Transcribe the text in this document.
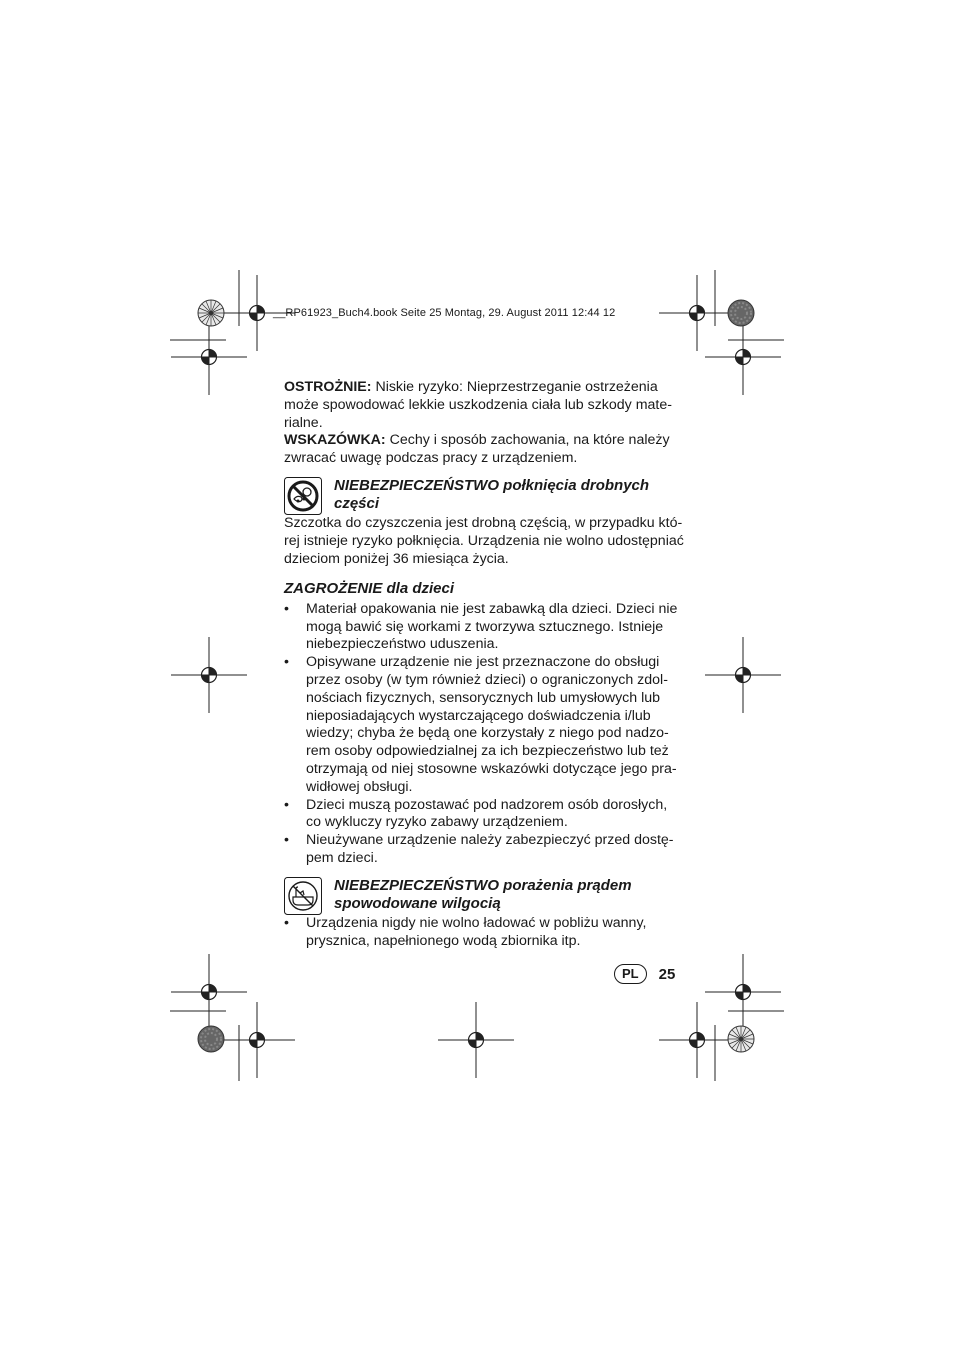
__RP61923_Buch4.book Seite 25 Montag, 29. August 2011 12:44 12

OSTROŻNIE: Niskie ryzyko: Nieprzestrzeganie ostrzeżenia
może spowodować lekkie uszkodzenia ciała lub szkody mate-
rialne.

WSKAZÓWKA: Cechy i sposób zachowania, na które należy
zwracać uwagę podczas pracy z urządzeniem.

NIEBEZPIECZEŃSTWO połknięcia drobnych
części

Szczotka do czyszczenia jest drobną częścią, w przypadku któ-
rej istnieje ryzyko połknięcia. Urządzenia nie wolno udostępniać
dzieciom poniżej 36 miesiąca życia.

ZAGROŻENIE dla dzieci
• Materiał opakowania nie jest zabawką dla dzieci. Dzieci nie
mogą bawić się workami z tworzywa sztucznego. Istnieje
niebezpieczeństwo uduszenia.
• Opisywane urządzenie nie jest przeznaczone do obsługi
przez osoby (w tym również dzieci) o ograniczonych zdol-
nościach fizycznych, sensorycznych lub umysłowych lub
nieposiadających wystarczającego doświadczenia i/lub
wiedzy; chyba że będą one korzystały z niego pod nadzo-
rem osoby odpowiedzialnej za ich bezpieczeństwo lub też
otrzymają od niej stosowne wskazówki dotyczące jego pra-
widłowej obsługi.
• Dzieci muszą pozostawać pod nadzorem osób dorosłych,
co wykluczy ryzyko zabawy urządzeniem.
• Nieużywane urządzenie należy zabezpieczyć przed dostę-
pem dzieci.
NIEBEZPIECZEŃSTWO porażenia prądem
spowodowane wilgocią
• Urządzenia nigdy nie wolno ładować w pobliżu wanny,
prysznica, napełnionego wodą zbiornika itp.
PL	25
